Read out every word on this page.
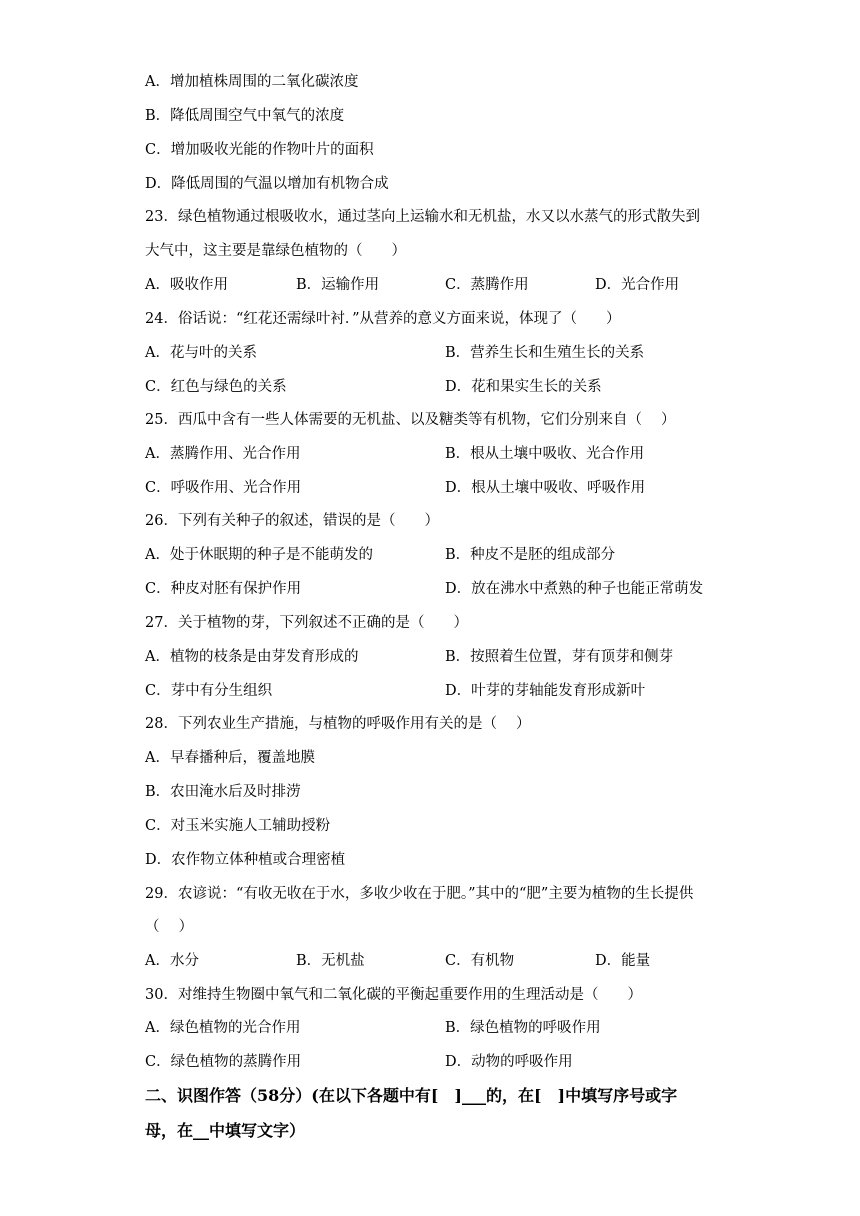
A．增加植株周围的二氧化碳浓度
B．降低周围空气中氧气的浓度
C．增加吸收光能的作物叶片的面积
D．降低周围的气温以增加有机物合成
23．绿色植物通过根吸收水，通过茎向上运输水和无机盐，水又以水蒸气的形式散失到
大气中，这主要是靠绿色植物的（　　）
A．吸收作用	B．运输作用	C．蒸腾作用	D．光合作用
24．俗话说：“红花还需绿叶衬．”从营养的意义方面来说，体现了（　　）
A．花与叶的关系	B．营养生长和生殖生长的关系
C．红色与绿色的关系	D．花和果实生长的关系
25．西瓜中含有一些人体需要的无机盐、以及糖类等有机物，它们分别来自（　 ）
A．蒸腾作用、光合作用	B．根从土壤中吸收、光合作用
C．呼吸作用、光合作用	D．根从土壤中吸收、呼吸作用
26．下列有关种子的叙述，错误的是（　　）
A．处于休眠期的种子是不能萌发的	B．种皮不是胚的组成部分
C．种皮对胚有保护作用	D．放在沸水中煮熟的种子也能正常萌发
27．关于植物的芽，下列叙述不正确的是（　　）
A．植物的枝条是由芽发育形成的	B．按照着生位置，芽有顶芽和侧芽
C．芽中有分生组织	D．叶芽的芽轴能发育形成新叶
28．下列农业生产措施，与植物的呼吸作用有关的是（　 ）
A．早春播种后，覆盖地膜
B．农田淹水后及时排涝
C．对玉米实施人工辅助授粉
D．农作物立体种植或合理密植
29．农谚说：“有收无收在于水，多收少收在于肥。”其中的“肥”主要为植物的生长提供
（　 ）
A．水分	B．无机盐	C．有机物	D．能量
30．对维持生物圈中氧气和二氧化碳的平衡起重要作用的生理活动是（　　）
A．绿色植物的光合作用	B．绿色植物的呼吸作用
C．绿色植物的蒸腾作用	D．动物的呼吸作用
二、识图作答（58分）(在以下各题中有[　]___的，在[　]中填写序号或字
母，在__中填写文字）
